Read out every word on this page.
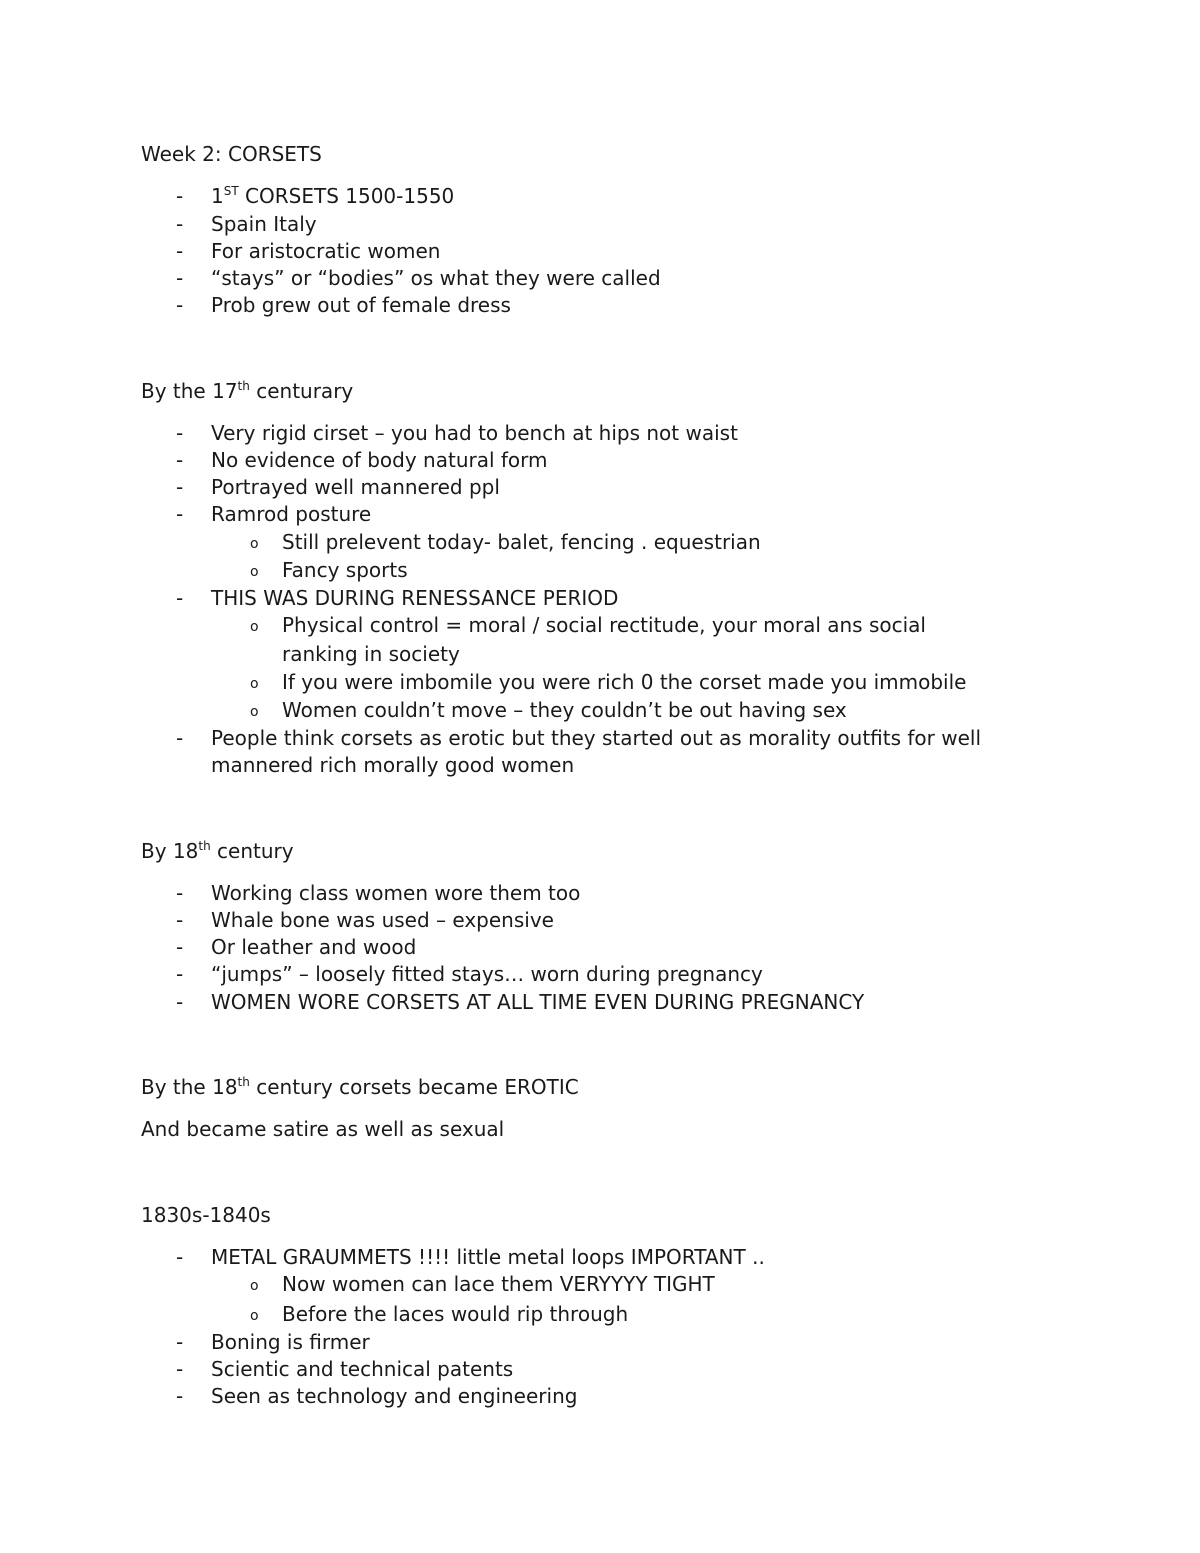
Week 2: CORSETS
- 1ST CORSETS 1500-1550
- Spain Italy
- For aristocratic women
- “stays” or “bodies” os what they were called
- Prob grew out of female dress
By the 17th centurary
- Very rigid cirset – you had to bench at hips not waist
- No evidence of body natural form
- Portrayed well mannered ppl
- Ramrod posture
o Still prelevent today- balet, fencing . equestrian
o Fancy sports
- THIS WAS DURING RENESSANCE PERIOD
o Physical control = moral / social rectitude, your moral ans social
ranking in society
o If you were imbomile you were rich 0 the corset made you immobile
o Women couldn’t move – they couldn’t be out having sex
- People think corsets as erotic but they started out as morality outfits for well
mannered rich morally good women
By 18th century
- Working class women wore them too
- Whale bone was used – expensive
- Or leather and wood
- “jumps” – loosely fitted stays… worn during pregnancy
- WOMEN WORE CORSETS AT ALL TIME EVEN DURING PREGNANCY
By the 18th century corsets became EROTIC
And became satire as well as sexual
1830s-1840s
- METAL GRAUMMETS !!!! little metal loops IMPORTANT ..
o Now women can lace them VERYYYY TIGHT
o Before the laces would rip through
- Boning is firmer
- Scientic and technical patents
- Seen as technology and engineering
